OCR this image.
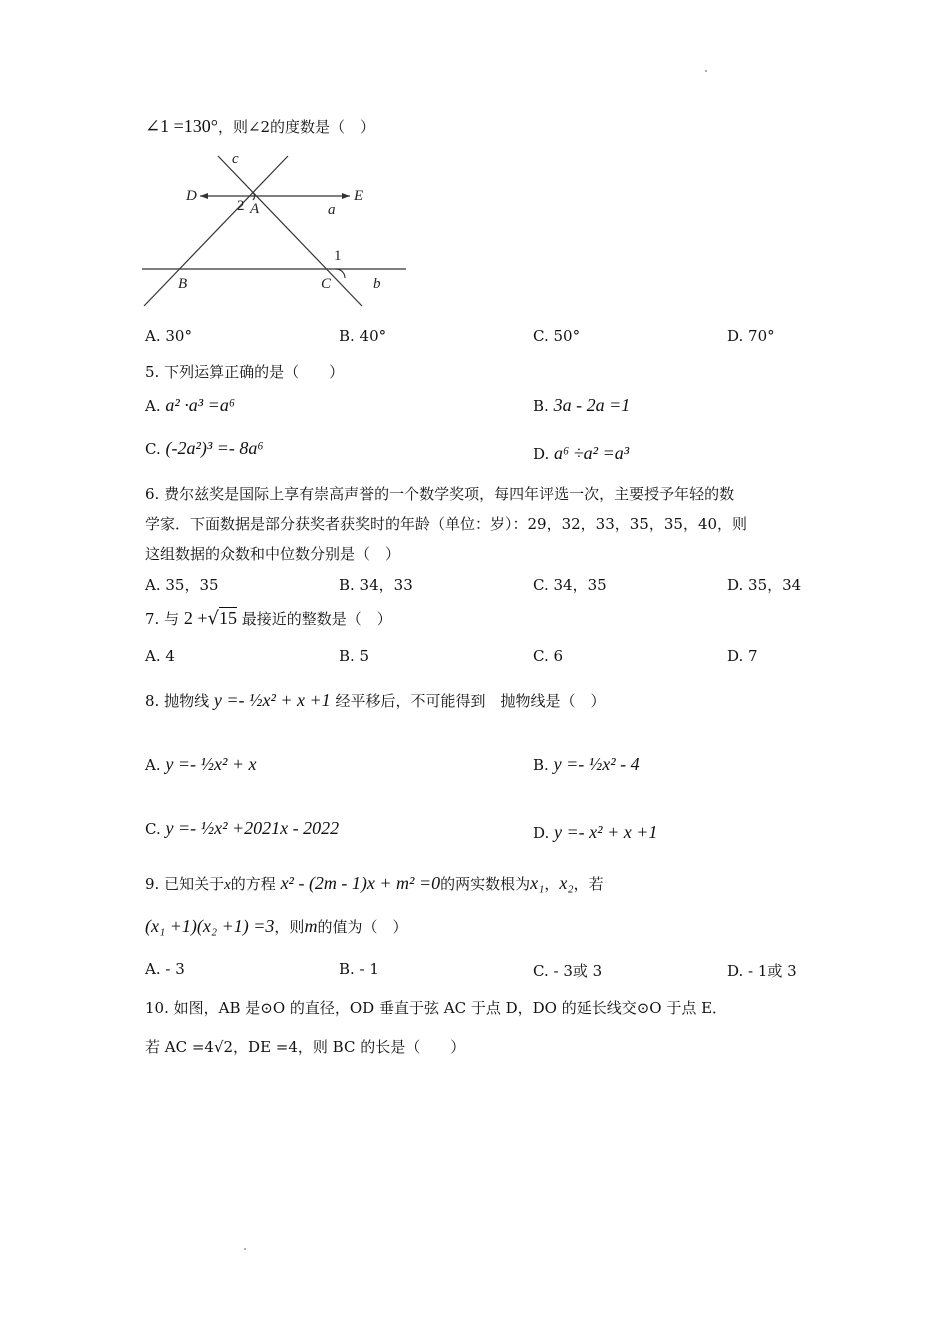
∠1 =130°，则∠2的度数是（　）
c
D	E
2 A	a
1
B	C	b
A. 30°	B. 40°	C. 50°	D. 70°
5. 下列运算正确的是（　　）
A. a² ·a³ =a⁶	B. 3a - 2a =1
C. (-2a²)³ =- 8a⁶	D. a⁶ ÷a² =a³
6. 费尔兹奖是国际上享有崇高声誉的一个数学奖项，每四年评选一次，主要授予年轻的数
学家．下面数据是部分获奖者获奖时的年龄（单位：岁）：29，32，33，35，35，40，则
这组数据的众数和中位数分别是（　）
A. 35，35	B. 34，33	C. 34，35	D. 35，34
7. 与 2 +√15 最接近的整数是（　）
A. 4	B. 5	C. 6	D. 7
8. 抛物线 y =- ½x² + x +1 经平移后，不可能得到　抛物线是（　）
A. y =- ½x² + x	B. y =- ½x² - 4
C. y =- ½x² +2021x - 2022	D. y =- x² + x +1
9. 已知关于x的方程 x² - (2m - 1)x + m² =0的两实数根为x₁，x₂，若
(x₁ +1)(x₂ +1) =3，则m的值为（　）
A. - 3	B. - 1	C. - 3或 3	D. - 1或 3
10. 如图，AB 是⊙O 的直径，OD 垂直于弦 AC 于点 D，DO 的延长线交⊙O 于点 E．
若 AC =4√2，DE =4，则 BC 的长是（　　）
